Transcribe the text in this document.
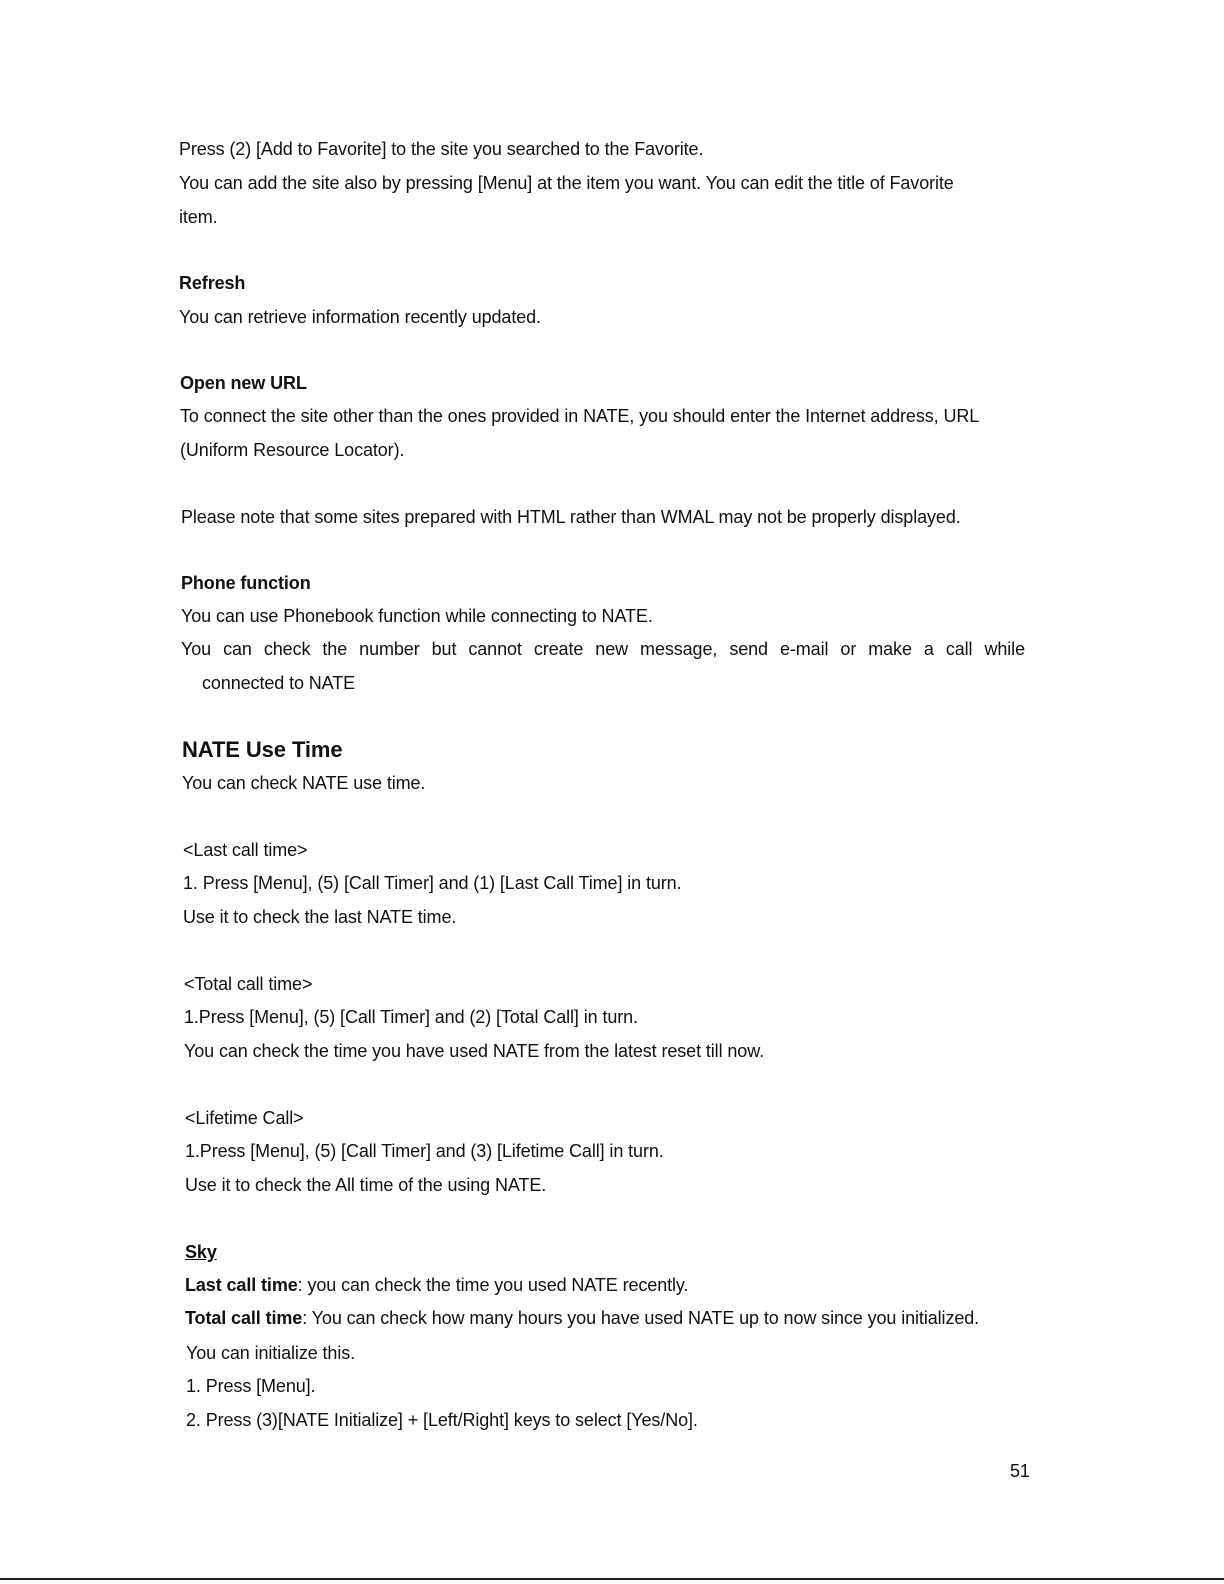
Press (2) [Add to Favorite] to the site you searched to the Favorite.
You can add the site also by pressing [Menu] at the item you want. You can edit the title of Favorite
item.
Refresh
You can retrieve information recently updated.
Open new URL
To connect the site other than the ones provided in NATE, you should enter the Internet address, URL
(Uniform Resource Locator).
Please note that some sites prepared with HTML rather than WMAL may not be properly displayed.
Phone function
You can use Phonebook function while connecting to NATE.
You can check the number but cannot create new message, send e-mail or make a call while
connected to NATE
NATE Use Time
You can check NATE use time.
<Last call time>
1. Press [Menu], (5) [Call Timer] and (1) [Last Call Time] in turn.
Use it to check the last NATE time.
<Total call time>
1.Press [Menu], (5) [Call Timer] and (2) [Total Call] in turn.
You can check the time you have used NATE from the latest reset till now.
<Lifetime Call>
1.Press [Menu], (5) [Call Timer] and (3) [Lifetime Call] in turn.
Use it to check the All time of the using NATE.
Sky
Last call time: you can check the time you used NATE recently.
Total call time: You can check how many hours you have used NATE up to now since you initialized.
You can initialize this.
1. Press [Menu].
2. Press (3)[NATE Initialize] + [Left/Right] keys to select [Yes/No].
51
